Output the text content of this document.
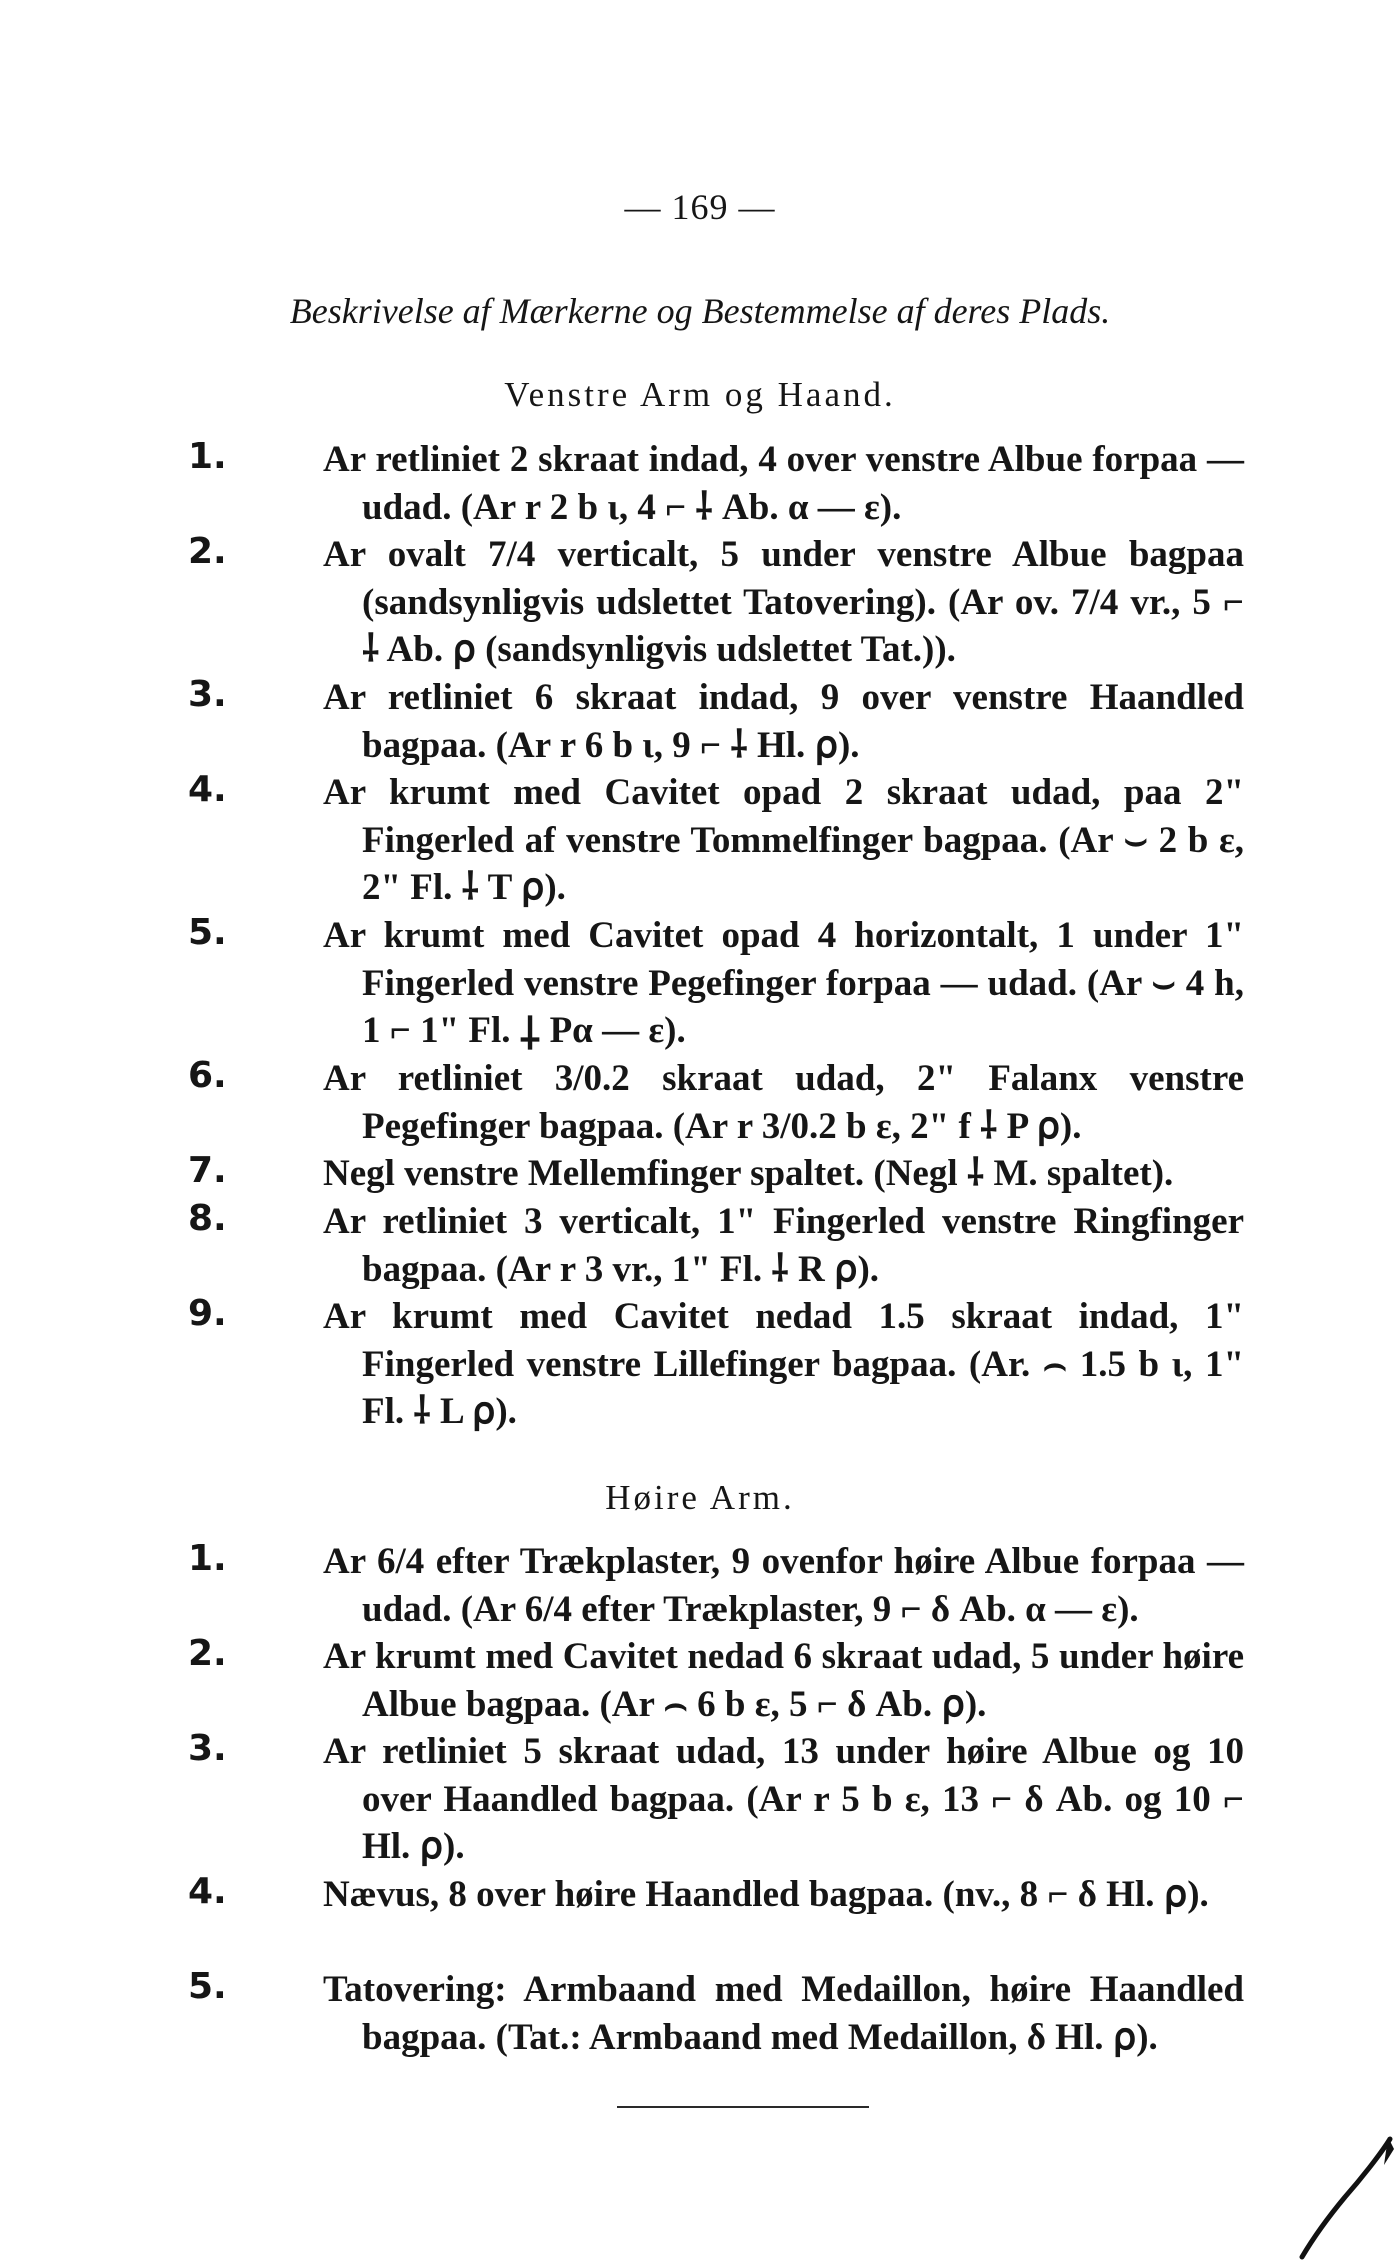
— 169 —
Beskrivelse af Mærkerne og Bestemmelse af deres Plads.
Venstre Arm og Haand.
1.	Ar retliniet 2 skraat indad, 4 over venstre Albue forpaa — udad. (Ar r 2 b ι, 4 ⌐ ⸸ Ab. α — ε).
2.	Ar ovalt 7/4 verticalt, 5 under venstre Albue bagpaa (sandsynligvis udslettet Tatovering). (Ar ov. 7/4 vr., 5 ⌐ ⸸ Ab. ⍴ (sandsynligvis udslettet Tat.)).
3.	Ar retliniet 6 skraat indad, 9 over venstre Haandled bagpaa. (Ar r 6 b ι, 9 ⌐ ⸸ Hl. ⍴).
4.	Ar krumt med Cavitet opad 2 skraat udad, paa 2" Fingerled af venstre Tommelfinger bagpaa. (Ar ⌣ 2 b ε, 2" Fl. ⸸ T ⍴).
5.	Ar krumt med Cavitet opad 4 horizontalt, 1 under 1" Fingerled venstre Pegefinger forpaa — udad. (Ar ⌣ 4 h, 1 ⌐ 1" Fl. ⸸ Pα — ε).
6.	Ar retliniet 3/0.2 skraat udad, 2" Falanx venstre Pegefinger bagpaa. (Ar r 3/0.2 b ε, 2" f ⸸ P ⍴).
7.	Negl venstre Mellemfinger spaltet. (Negl ⸸ M. spaltet).
8.	Ar retliniet 3 verticalt, 1" Fingerled venstre Ringfinger bagpaa. (Ar r 3 vr., 1" Fl. ⸸ R ⍴).
9.	Ar krumt med Cavitet nedad 1.5 skraat indad, 1" Fingerled venstre Lillefinger bagpaa. (Ar. ⌢ 1.5 b ι, 1" Fl. ⸸ L ⍴).
Høire Arm.
1.	Ar 6/4 efter Trækplaster, 9 ovenfor høire Albue forpaa — udad. (Ar 6/4 efter Trækplaster, 9 ⌐ δ Ab. α — ε).
2.	Ar krumt med Cavitet nedad 6 skraat udad, 5 under høire Albue bagpaa. (Ar ⌢ 6 b ε, 5 ⌐ δ Ab. ⍴).
3.	Ar retliniet 5 skraat udad, 13 under høire Albue og 10 over Haandled bagpaa. (Ar r 5 b ε, 13 ⌐ δ Ab. og 10 ⌐ Hl. ⍴).
4.	Nævus, 8 over høire Haandled bagpaa. (nv., 8 ⌐ δ Hl. ⍴).
5.	Tatovering: Armbaand med Medaillon, høire Haandled bagpaa. (Tat.: Armbaand med Medaillon, δ Hl. ⍴).
